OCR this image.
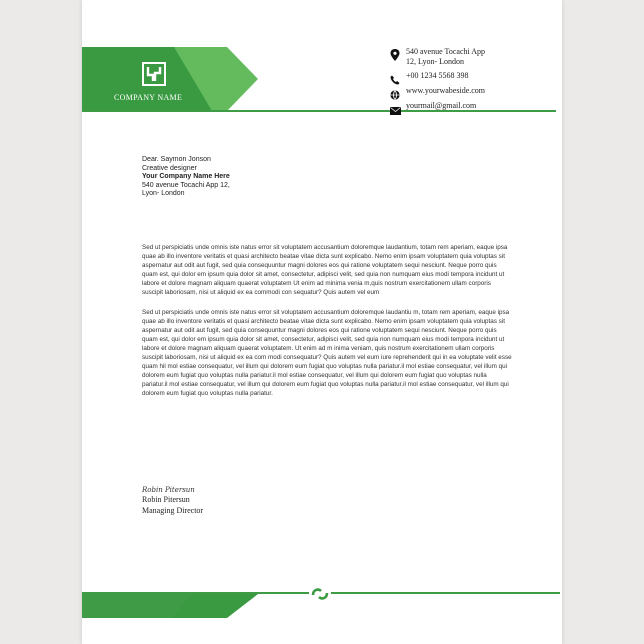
COMPANY NAME
540 avenue Tocachi App
12, Lyon- London
+00 1234 5568 398
www.yourwabeside.com
yourmail@gmail.com
Dear. Saymon Jonson
Creative designer
Your Company Name Here
540 avenue Tocachi App 12,
Lyon- London

Sed ut perspiciatis unde omnis iste natus error sit voluptatem accusantium doloremque laudantium, totam rem aperiam, eaque ipsa quae ab illo inventore veritatis et quasi architecto beatae vitae dicta sunt explicabo. Nemo enim ipsam voluptatem quia voluptas sit aspernatur aut odit aut fugit, sed quia consequuntur magni dolores eos qui ratione voluptatem sequi nesciunt. Neque porro quis quam est, qui dolor em ipsum quia dolor sit amet, consectetur, adipisci velit, sed quia non numquam eius modi tempora incidunt ut labore et dolore magnam aliquam quaerat voluptatem Ut enim ad minima venia m,quis nostrum exercitationem ullam corporis suscipit laboriosam, nisi ut aliquid ex ea commodi con sequatur? Quis autem vel eum

Sed ut perspiciatis unde omnis iste natus error sit voluptatem accusantium doloremque laudantiu m, totam rem aperiam, eaque ipsa quae ab illo inventore veritatis et quasi architecto beatae vitae dicta sunt explicabo. Nemo enim ipsam voluptatem quia voluptas sit aspernatur aut odit aut fugit, sed quia consequuntur magni dolores eos qui ratione voluptatem sequi nesciunt. Neque porro quis quam est, qui dolor em ipsum quia dolor sit amet, consectetur, adipisci velit, sed quia non numquam eius modi tempora incidunt ut labore et dolore magnam aliquam quaerat voluptatem. Ut enim ad m inima veniam, quis nostrum exercitationem ullam corporis suscipit laboriosam, nisi ut aliquid ex ea com modi consequatur? Quis autem vel eum iure reprehenderit qui in ea voluptate velit esse quam hil mol estiae consequatur, vel illum qui dolorem eum fugiat quo voluptas nulla pariatur.il mol estiae consequatur, vel illum qui dolorem eum fugiat quo voluptas nulla pariatur.il mol estiae consequatur, vel illum qui dolorem eum fugiat quo voluptas nulla pariatur.il mol estiae consequatur, vel illum qui dolorem eum fugiat quo voluptas nulla pariatur.il mol estiae consequatur, vel illum qui dolorem eum fugiat quo voluptas nulla pariatur.

Robin Pitersun
Robin Pitersun
Managing Director
